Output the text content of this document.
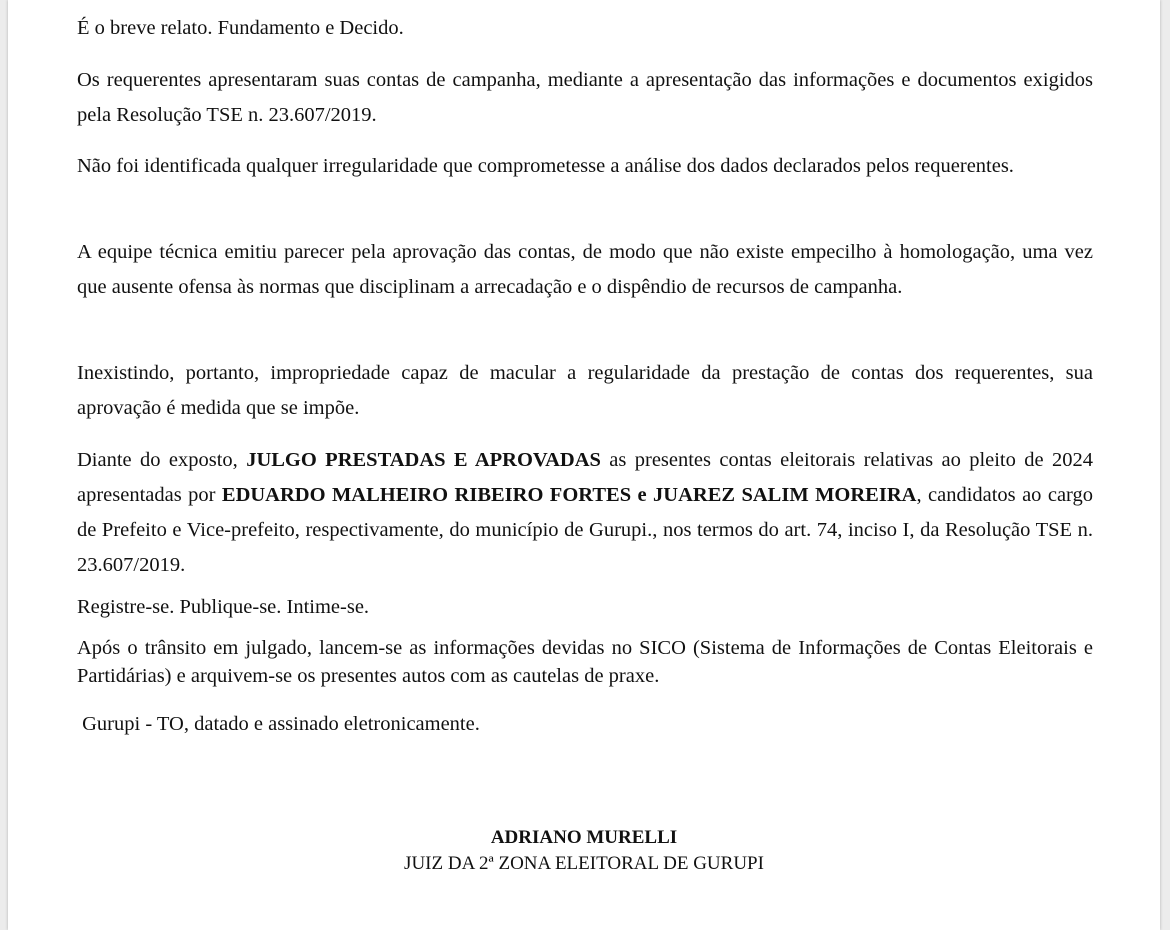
É o breve relato. Fundamento e Decido.

Os requerentes apresentaram suas contas de campanha, mediante a apresentação das informações e documentos exigidos pela Resolução TSE n. 23.607/2019.

Não foi identificada qualquer irregularidade que comprometesse a análise dos dados declarados pelos requerentes.

A equipe técnica emitiu parecer pela aprovação das contas, de modo que não existe empecilho à homologação, uma vez que ausente ofensa às normas que disciplinam a arrecadação e o dispêndio de recursos de campanha.

Inexistindo, portanto, impropriedade capaz de macular a regularidade da prestação de contas dos requerentes, sua aprovação é medida que se impõe.

Diante do exposto, JULGO PRESTADAS E APROVADAS as presentes contas eleitorais relativas ao pleito de 2024 apresentadas por EDUARDO MALHEIRO RIBEIRO FORTES e JUAREZ SALIM MOREIRA, candidatos ao cargo de Prefeito e Vice-prefeito, respectivamente, do município de Gurupi., nos termos do art. 74, inciso I, da Resolução TSE n. 23.607/2019.

Registre-se. Publique-se. Intime-se.

Após o trânsito em julgado, lancem-se as informações devidas no SICO (Sistema de Informações de Contas Eleitorais e Partidárias) e arquivem-se os presentes autos com as cautelas de praxe.

Gurupi - TO, datado e assinado eletronicamente.

ADRIANO MURELLI
JUIZ DA 2ª ZONA ELEITORAL DE GURUPI
